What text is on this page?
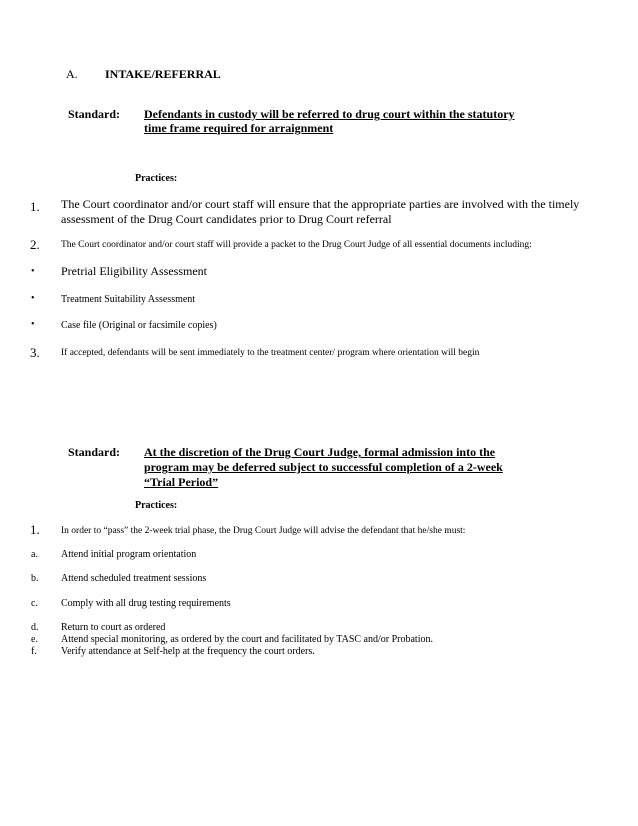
A. INTAKE/REFERRAL
Standard: Defendants in custody will be referred to drug court within the statutory
time frame required for arraignment
Practices:
1. The Court coordinator and/or court staff will ensure that the appropriate parties are involved with the timely
assessment of the Drug Court candidates prior to Drug Court referral
2. The Court coordinator and/or court staff will provide a packet to the Drug Court Judge of all essential documents including:
• Pretrial Eligibility Assessment
•	Treatment Suitability Assessment
•	Case file (Original or facsimile copies)
3. If accepted, defendants will be sent immediately to the treatment center/ program where orientation will begin
Standard: At the discretion of the Drug Court Judge, formal admission into the
program may be deferred subject to successful completion of a 2-week
“Trial Period”
Practices:
1. In order to “pass” the 2-week trial phase, the Drug Court Judge will advise the defendant that he/she must:
a. Attend initial program orientation
b. Attend scheduled treatment sessions
c. Comply with all drug testing requirements
d. Return to court as ordered
e. Attend special monitoring, as ordered by the court and facilitated by TASC and/or Probation.
f. Verify attendance at Self-help at the frequency the court orders.
